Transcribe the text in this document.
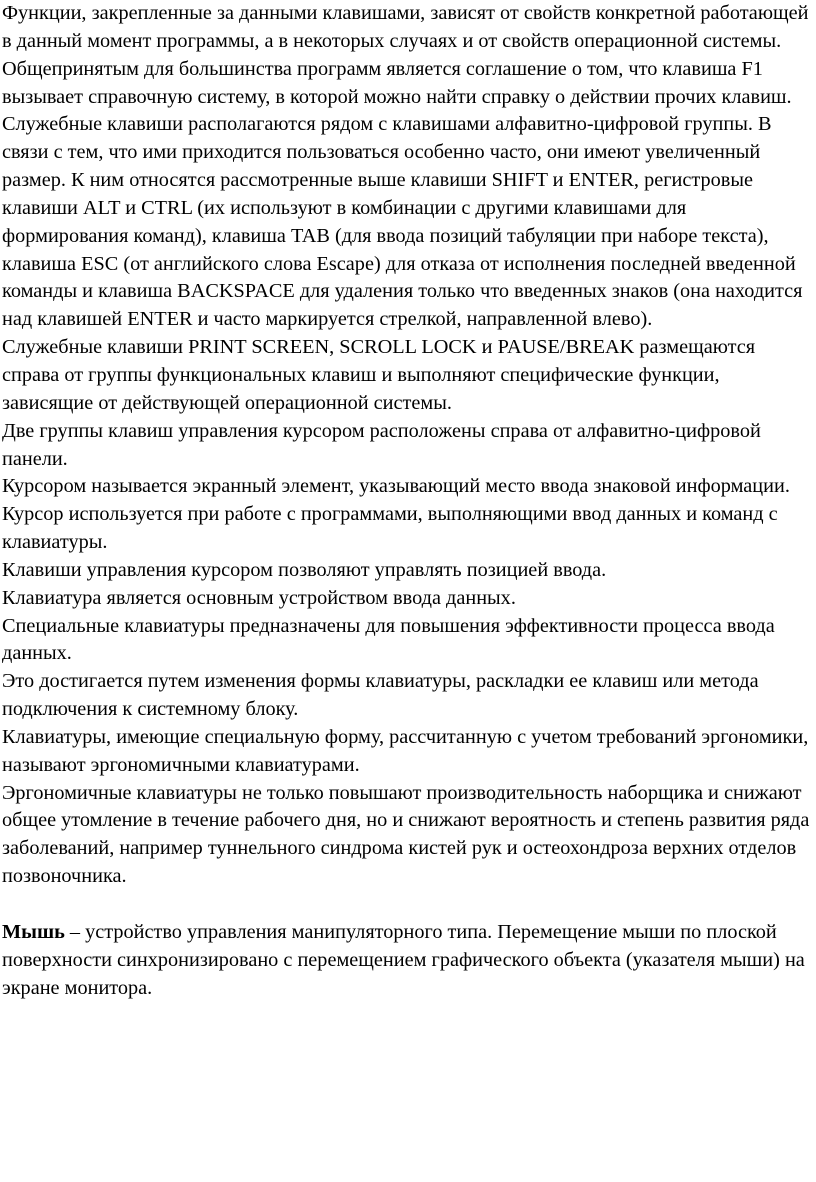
Функции, закрепленные за данными клавишами, зависят от свойств конкретной работающей в данный момент программы, а в некоторых случаях и от свойств операционной системы.

Общепринятым для большинства программ является соглашение о том, что клавиша F1 вызывает справочную систему, в которой можно найти справку о действии прочих клавиш.

Служебные клавиши располагаются рядом с клавишами алфавитно-цифровой группы. В связи с тем, что ими приходится пользоваться особенно часто, они имеют увеличенный размер. К ним относятся рассмотренные выше клавиши SHIFT и ENTER, регистровые клавиши ALT и CTRL (их используют в комбинации с другими клавишами для формирования команд), клавиша TAB (для ввода позиций табуляции при наборе текста), клавиша ESC (от английского слова Escape) для отказа от исполнения последней введенной команды и клавиша BACKSPACE для удаления только что введенных знаков (она находится над клавишей ENTER и часто маркируется стрелкой, направленной влево).

Служебные клавиши PRINT SCREEN, SCROLL LOCK и PAUSE/BREAK размещаются справа от группы функциональных клавиш и выполняют специфические функции, зависящие от действующей операционной системы.

Две группы клавиш управления курсором расположены справа от алфавитно-цифровой панели.

Курсором называется экранный элемент, указывающий место ввода знаковой информации.

Курсор используется при работе с программами, выполняющими ввод данных и команд с клавиатуры.

Клавиши управления курсором позволяют управлять позицией ввода.

Клавиатура является основным устройством ввода данных.

Специальные клавиатуры предназначены для повышения эффективности процесса ввода данных.

Это достигается путем изменения формы клавиатуры, раскладки ее клавиш или метода подключения к системному блоку.

Клавиатуры, имеющие специальную форму, рассчитанную с учетом требований эргономики, называют эргономичными клавиатурами.

Эргономичные клавиатуры не только повышают производительность наборщика и снижают общее утомление в течение рабочего дня, но и снижают вероятность и степень развития ряда заболеваний, например туннельного синдрома кистей рук и остеохондроза верхних отделов позвоночника.

Мышь – устройство управления манипуляторного типа. Перемещение мыши по плоской поверхности синхронизировано с перемещением графического объекта (указателя мыши) на экране монитора.
